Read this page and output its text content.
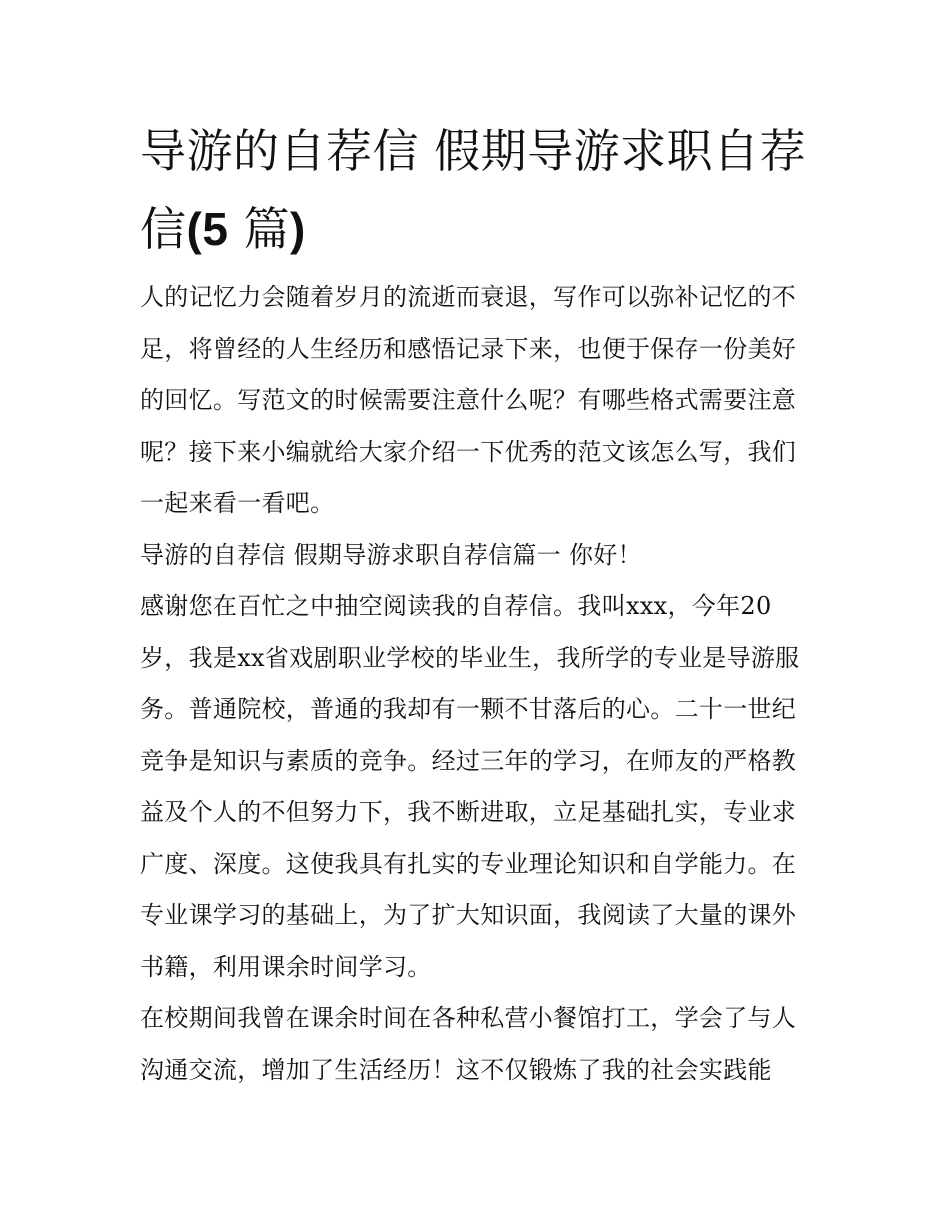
导游的自荐信 假期导游求职自荐信(5 篇)

人的记忆力会随着岁月的流逝而衰退，写作可以弥补记忆的不足，将曾经的人生经历和感悟记录下来，也便于保存一份美好的回忆。写范文的时候需要注意什么呢？有哪些格式需要注意呢？接下来小编就给大家介绍一下优秀的范文该怎么写，我们一起来看一看吧。

导游的自荐信 假期导游求职自荐信篇一 你好！

感谢您在百忙之中抽空阅读我的自荐信。我叫xxx，今年20岁，我是xx省戏剧职业学校的毕业生，我所学的专业是导游服务。普通院校，普通的我却有一颗不甘落后的心。二十一世纪竞争是知识与素质的竞争。经过三年的学习，在师友的严格教益及个人的不但努力下，我不断进取，立足基础扎实，专业求广度、深度。这使我具有扎实的专业理论知识和自学能力。在专业课学习的基础上，为了扩大知识面，我阅读了大量的课外书籍，利用课余时间学习。

在校期间我曾在课余时间在各种私营小餐馆打工，学会了与人沟通交流，增加了生活经历！这不仅锻炼了我的社会实践能
